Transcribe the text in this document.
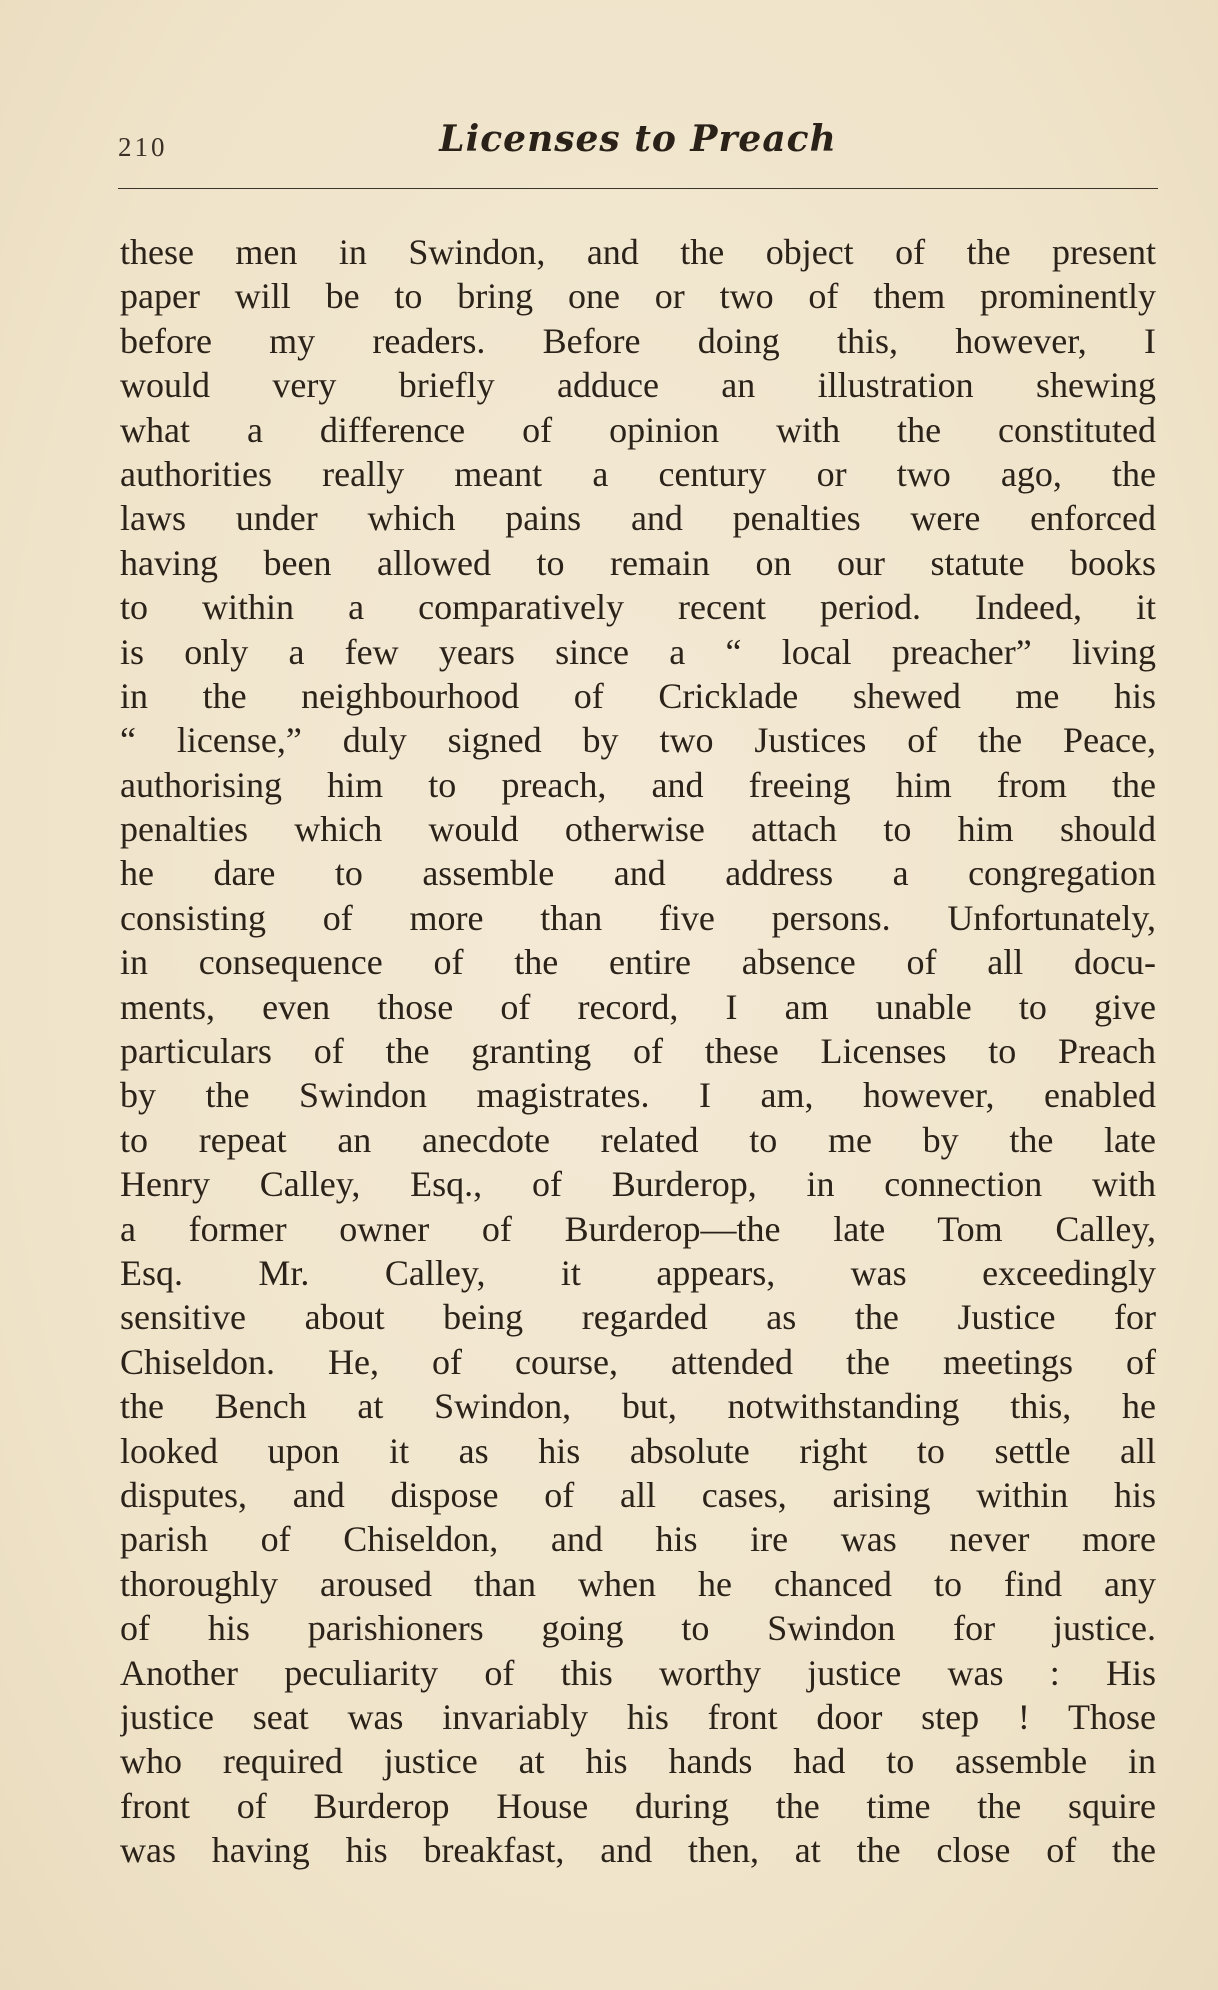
210	Licenses to Preach
these men in Swindon, and the object of the present
paper will be to bring one or two of them prominently
before my readers. Before doing this, however, I
would very briefly adduce an illustration shewing
what a difference of opinion with the constituted
authorities really meant a century or two ago, the
laws under which pains and penalties were enforced
having been allowed to remain on our statute books
to within a comparatively recent period. Indeed, it
is only a few years since a “ local preacher” living
in the neighbourhood of Cricklade shewed me his
“ license,” duly signed by two Justices of the Peace,
authorising him to preach, and freeing him from the
penalties which would otherwise attach to him should
he dare to assemble and address a congregation
consisting of more than five persons. Unfortunately,
in consequence of the entire absence of all docu-
ments, even those of record, I am unable to give
particulars of the granting of these Licenses to Preach
by the Swindon magistrates. I am, however, enabled
to repeat an anecdote related to me by the late
Henry Calley, Esq., of Burderop, in connection with
a former owner of Burderop—the late Tom Calley,
Esq. Mr. Calley, it appears, was exceedingly
sensitive about being regarded as the Justice for
Chiseldon. He, of course, attended the meetings of
the Bench at Swindon, but, notwithstanding this, he
looked upon it as his absolute right to settle all
disputes, and dispose of all cases, arising within his
parish of Chiseldon, and his ire was never more
thoroughly aroused than when he chanced to find any
of his parishioners going to Swindon for justice.
Another peculiarity of this worthy justice was : His
justice seat was invariably his front door step ! Those
who required justice at his hands had to assemble in
front of Burderop House during the time the squire
was having his breakfast, and then, at the close of the
